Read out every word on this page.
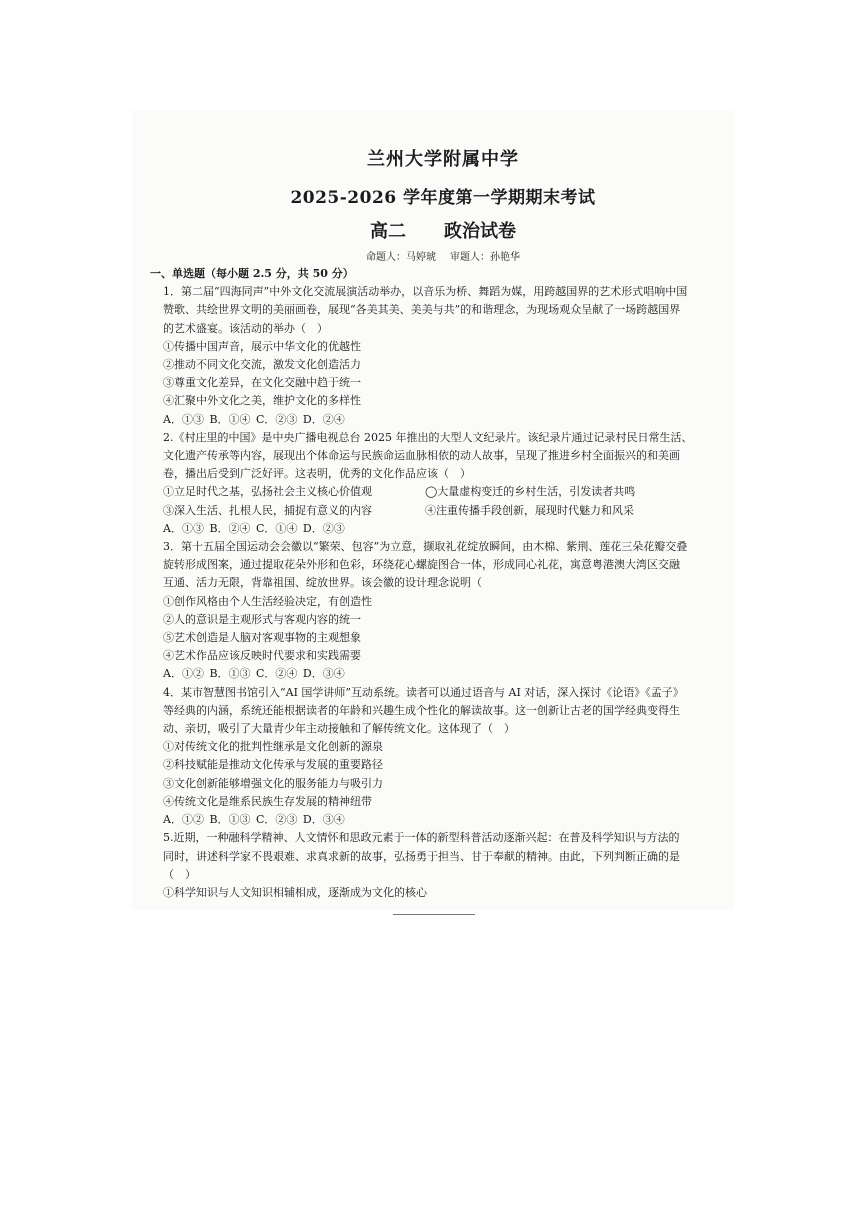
兰州大学附属中学
2025-2026 学年度第一学期期末考试
高二 政治试卷
命题人：马婷琥 审题人：孙艳华
一、单选题（每小题 2.5 分，共 50 分）
1．第二届“四海同声”中外文化交流展演活动举办，以音乐为桥、舞蹈为媒，用跨越国界的艺术形式唱响中国
赞歌、共绘世界文明的美丽画卷，展现“各美其美、美美与共”的和谐理念，为现场观众呈献了一场跨越国界
的艺术盛宴。该活动的举办（　）
①传播中国声音，展示中华文化的优越性
②推动不同文化交流，激发文化创造活力
③尊重文化差异，在文化交融中趋于统一
④汇聚中外文化之美，维护文化的多样性
A．①③ B．①④ C．②③ D．②④
2.《村庄里的中国》是中央广播电视总台 2025 年推出的大型人文纪录片。该纪录片通过记录村民日常生活、
文化遗产传承等内容，展现出个体命运与民族命运血脉相依的动人故事，呈现了推进乡村全面振兴的和美画
卷，播出后受到广泛好评。这表明，优秀的文化作品应该（　）
①立足时代之基，弘扬社会主义核心价值观	◯大量虚构变迁的乡村生活，引发读者共鸣
③深入生活、扎根人民，捕捉有意义的内容	④注重传播手段创新，展现时代魅力和风采
A．①③ B．②④ C．①④ D．②③
3．第十五届全国运动会会徽以“繁荣、包容”为立意，撷取礼花绽放瞬间，由木棉、紫荆、莲花三朵花瓣交叠
旋转形成图案，通过提取花朵外形和色彩，环绕花心螺旋图合一体，形成同心礼花，寓意粤港澳大湾区交融
互通、活力无限，背靠祖国、绽放世界。该会徽的设计理念说明（
①创作风格由个人生活经验决定，有创造性
②人的意识是主观形式与客观内容的统一
⑤艺术创造是人脑对客观事物的主观想象
④艺术作品应该反映时代要求和实践需要
A．①② B．①③ C．②④ D．③④
4．某市智慧图书馆引入“AI 国学讲师”互动系统。读者可以通过语音与 AI 对话，深入探讨《论语》《孟子》
等经典的内涵，系统还能根据读者的年龄和兴趣生成个性化的解读故事。这一创新让古老的国学经典变得生
动、亲切，吸引了大量青少年主动接触和了解传统文化。这体现了（　）
①对传统文化的批判性继承是文化创新的源泉
②科技赋能是推动文化传承与发展的重要路径
③文化创新能够增强文化的服务能力与吸引力
④传统文化是维系民族生存发展的精神纽带
A．①② B．①③ C．②③ D．③④
5.近期，一种融科学精神、人文情怀和思政元素于一体的新型科普活动逐渐兴起：在普及科学知识与方法的
同时，讲述科学家不畏艰难、求真求新的故事，弘扬勇于担当、甘于奉献的精神。由此，下列判断正确的是
（　）
①科学知识与人文知识相辅相成，逐渐成为文化的核心
